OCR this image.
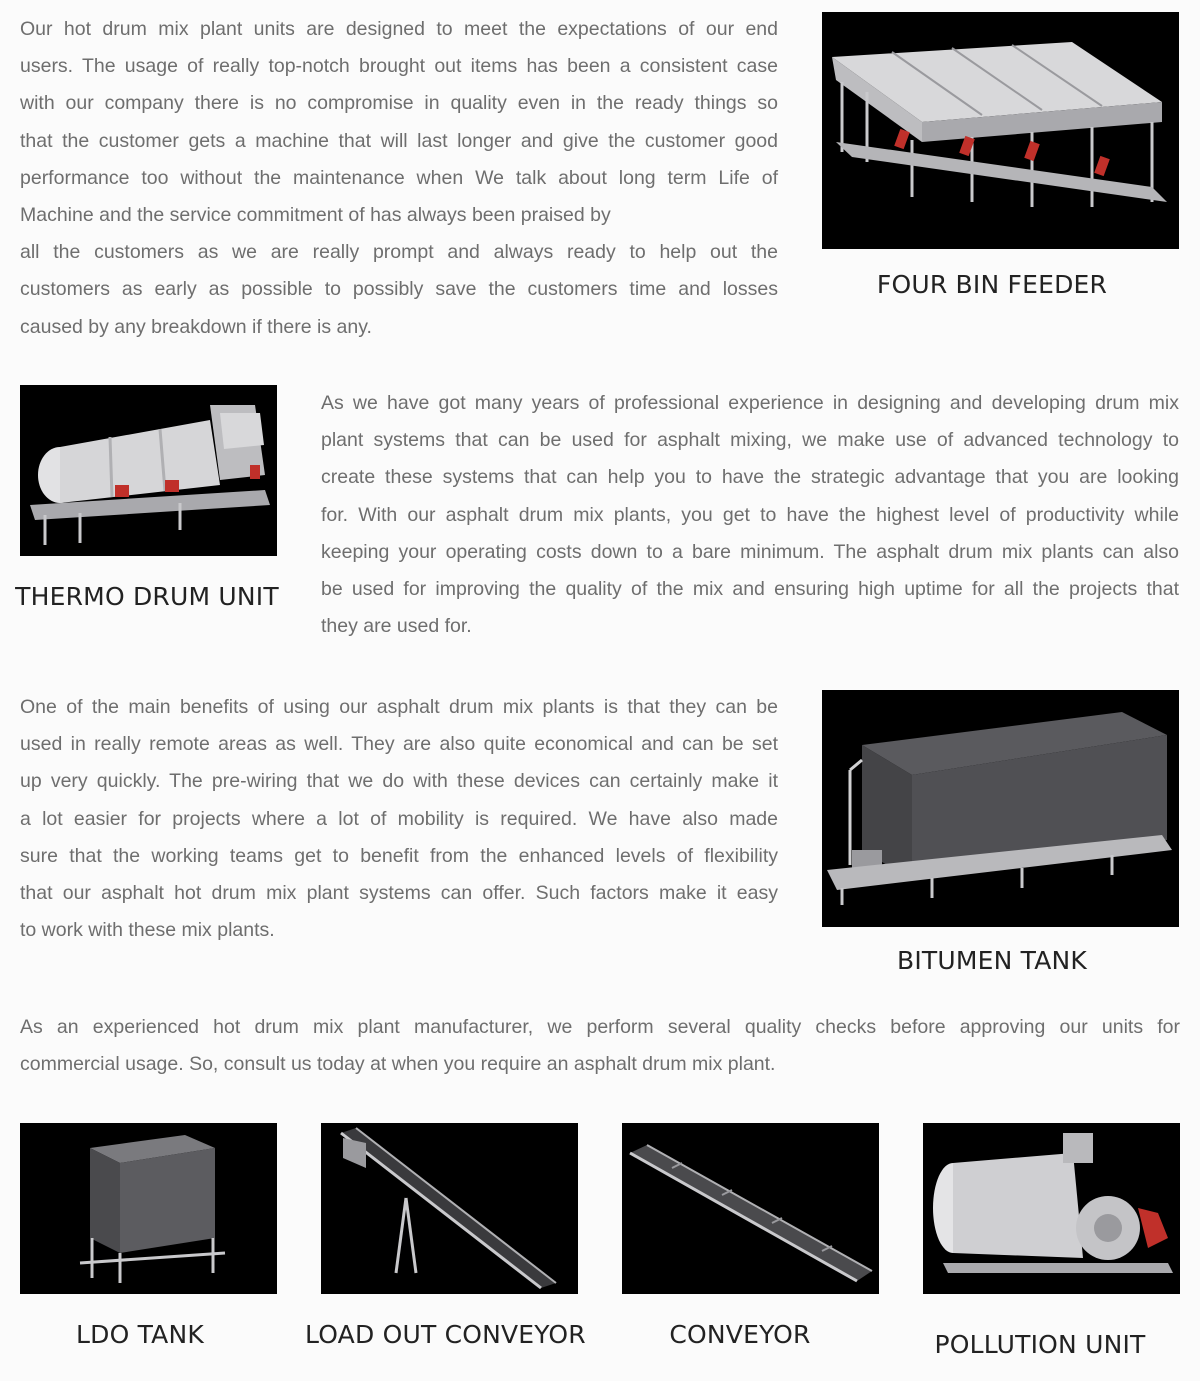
Our hot drum mix plant units are designed to meet the expectations of our end
users. The usage of really top-notch brought out items has been a consistent case
with our company there is no compromise in quality even in the ready things so
that the customer gets a machine that will last longer and give the customer good
performance too without the maintenance when We talk about long term Life of
Machine and the service commitment of has always been praised by
all the customers as we are really prompt and always ready to help out the
customers as early as possible to possibly save the customers time and losses
caused by any breakdown if there is any.
FOUR BIN FEEDER
THERMO DRUM UNIT
As we have got many years of professional experience in designing and developing drum mix
plant systems that can be used for asphalt mixing, we make use of advanced technology to
create these systems that can help you to have the strategic advantage that you are looking
for. With our asphalt drum mix plants, you get to have the highest level of productivity while
keeping your operating costs down to a bare minimum. The asphalt drum mix plants can also
be used for improving the quality of the mix and ensuring high uptime for all the projects that
they are used for.
One of the main benefits of using our asphalt drum mix plants is that they can be
used in really remote areas as well. They are also quite economical and can be set
up very quickly. The pre-wiring that we do with these devices can certainly make it
a lot easier for projects where a lot of mobility is required. We have also made
sure that the working teams get to benefit from the enhanced levels of flexibility
that our asphalt hot drum mix plant systems can offer. Such factors make it easy
to work with these mix plants.
BITUMEN TANK
As an experienced hot drum mix plant manufacturer, we perform several quality checks before approving our units for
commercial usage. So, consult us today at when you require an asphalt drum mix plant.
LDO TANK	LOAD OUT CONVEYOR	CONVEYOR	POLLUTION UNIT
